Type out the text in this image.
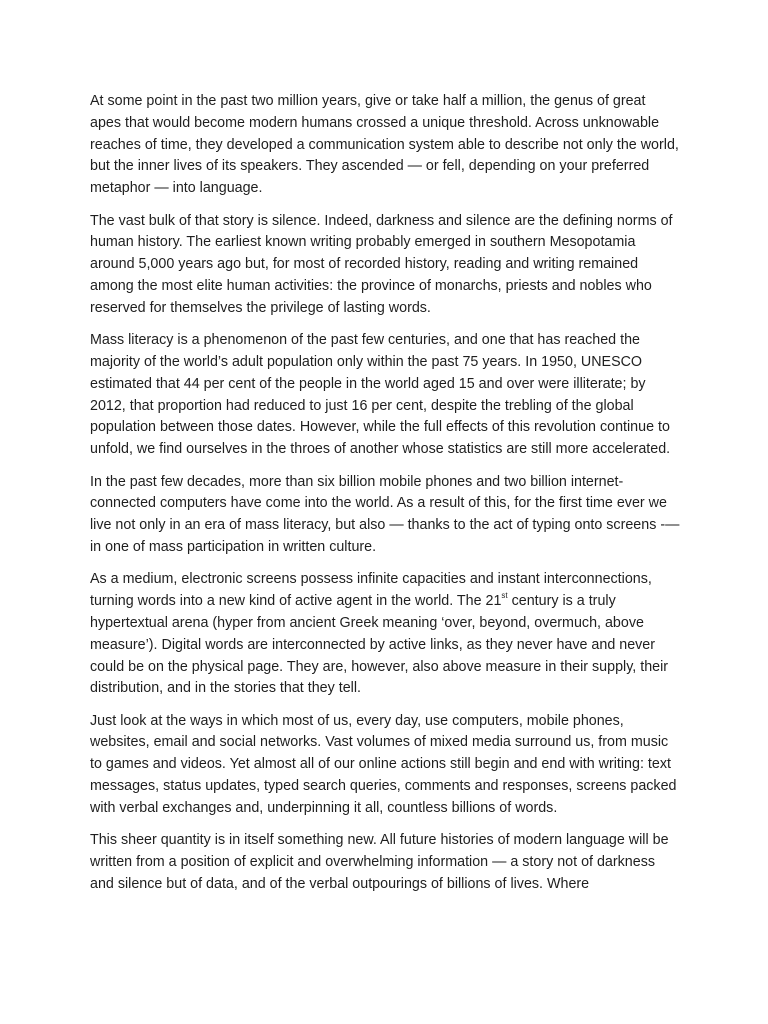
At some point in the past two million years, give or take half a million, the genus of great apes that would become modern humans crossed a unique threshold. Across unknowable reaches of time, they developed a communication system able to describe not only the world, but the inner lives of its speakers. They ascended — or fell, depending on your preferred metaphor — into language.

The vast bulk of that story is silence. Indeed, darkness and silence are the defining norms of human history. The earliest known writing probably emerged in southern Mesopotamia around 5,000 years ago but, for most of recorded history, reading and writing remained among the most elite human activities: the province of monarchs, priests and nobles who reserved for themselves the privilege of lasting words.

Mass literacy is a phenomenon of the past few centuries, and one that has reached the majority of the world’s adult population only within the past 75 years. In 1950, UNESCO estimated that 44 per cent of the people in the world aged 15 and over were illiterate; by 2012, that proportion had reduced to just 16 per cent, despite the trebling of the global population between those dates. However, while the full effects of this revolution continue to unfold, we find ourselves in the throes of another whose statistics are still more accelerated.

In the past few decades, more than six billion mobile phones and two billion internet-connected computers have come into the world. As a result of this, for the first time ever we live not only in an era of mass literacy, but also — thanks to the act of typing onto screens -— in one of mass participation in written culture.

As a medium, electronic screens possess infinite capacities and instant interconnections, turning words into a new kind of active agent in the world. The 21st century is a truly hypertextual arena (hyper from ancient Greek meaning ‘over, beyond, overmuch, above measure’). Digital words are interconnected by active links, as they never have and never could be on the physical page. They are, however, also above measure in their supply, their distribution, and in the stories that they tell.

Just look at the ways in which most of us, every day, use computers, mobile phones, websites, email and social networks. Vast volumes of mixed media surround us, from music to games and videos. Yet almost all of our online actions still begin and end with writing: text messages, status updates, typed search queries, comments and responses, screens packed with verbal exchanges and, underpinning it all, countless billions of words.

This sheer quantity is in itself something new. All future histories of modern language will be written from a position of explicit and overwhelming information — a story not of darkness and silence but of data, and of the verbal outpourings of billions of lives. Where
